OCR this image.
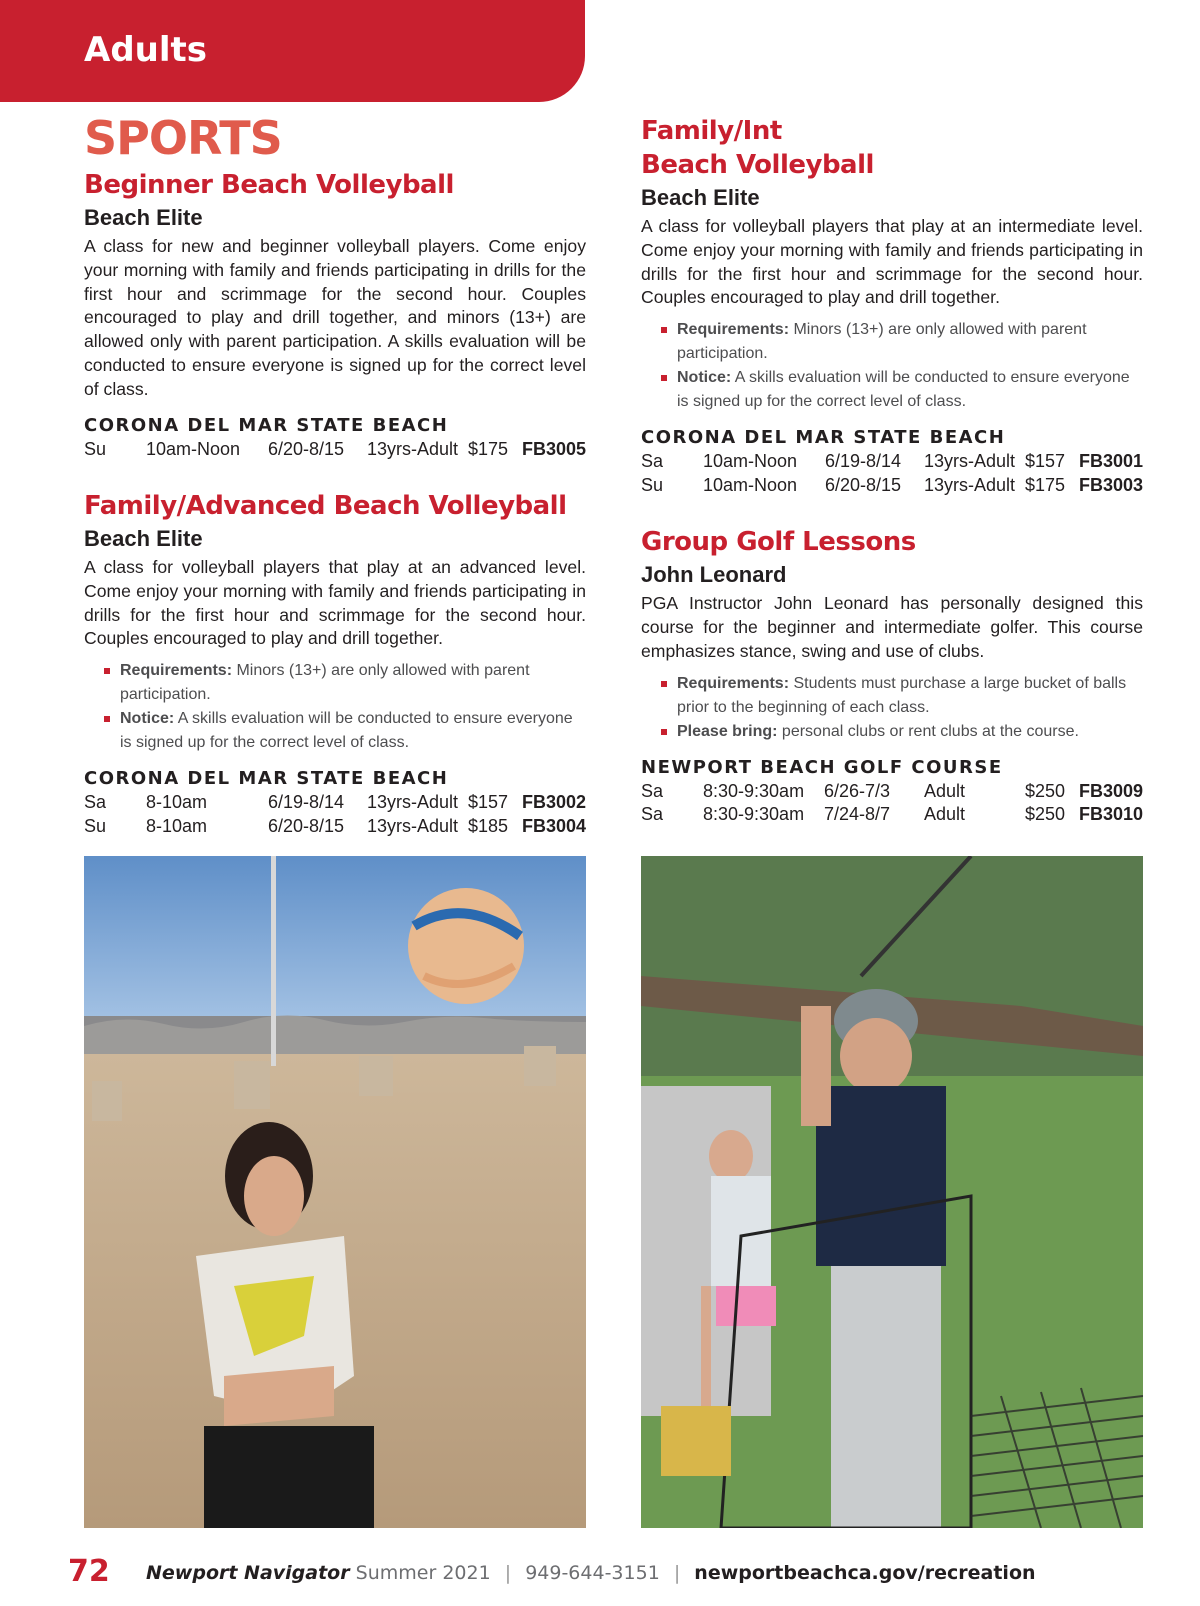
Adults
SPORTS
Beginner Beach Volleyball
Beach Elite

A class for new and beginner volleyball players. Come enjoy your morning with family and friends participating in drills for the first hour and scrimmage for the second hour. Couples encouraged to play and drill together, and minors (13+) are allowed only with parent participation. A skills evaluation will be conducted to ensure everyone is signed up for the correct level of class.

CORONA DEL MAR STATE BEACH
Su 10am-Noon 6/20-8/15 13yrs-Adult $175 FB3005
Family/Advanced Beach Volleyball
Beach Elite

A class for volleyball players that play at an advanced level. Come enjoy your morning with family and friends participating in drills for the first hour and scrimmage for the second hour. Couples encouraged to play and drill together.

Requirements: Minors (13+) are only allowed with parent participation.
Notice: A skills evaluation will be conducted to ensure everyone is signed up for the correct level of class.
CORONA DEL MAR STATE BEACH
Sa 8-10am	6/19-8/14 13yrs-Adult $157 FB3002
Su 8-10am	6/20-8/15 13yrs-Adult $185 FB3004
Family/Int
Beach Volleyball
Beach Elite

A class for volleyball players that play at an intermediate level. Come enjoy your morning with family and friends participating in drills for the first hour and scrimmage for the second hour. Couples encouraged to play and drill together.

Requirements: Minors (13+) are only allowed with parent participation.
Notice: A skills evaluation will be conducted to ensure everyone is signed up for the correct level of class.
CORONA DEL MAR STATE BEACH
Sa 10am-Noon 6/19-8/14 13yrs-Adult $157 FB3001
Su 10am-Noon 6/20-8/15 13yrs-Adult $175 FB3003
Group Golf Lessons
John Leonard

PGA Instructor John Leonard has personally designed this course for the beginner and intermediate golfer. This course emphasizes stance, swing and use of clubs.

Requirements: Students must purchase a large bucket of balls prior to the beginning of each class.
Please bring: personal clubs or rent clubs at the course.
NEWPORT BEACH GOLF COURSE
Sa 8:30-9:30am 6/26-7/3 Adult	$250 FB3009
Sa 8:30-9:30am 7/24-8/7 Adult	$250 FB3010
72 Newport Navigator Summer 2021 | 949-644-3151 | newportbeachca.gov/recreation
